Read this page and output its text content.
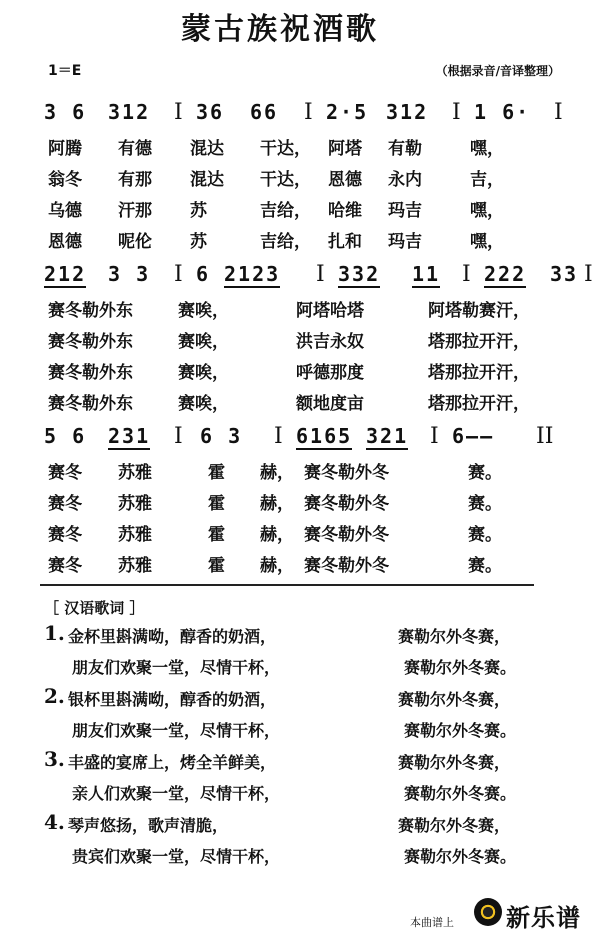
蒙古族祝酒歌
1＝E	（根据录音/音译整理）
3 6 312 I 36 66 I 2·5 312 I 1 6· I
阿腾 有德 混达 干达， 阿塔 有勒	嘿，
翁冬 有那 混达 干达， 恩德 永内	吉，
乌德 汗那 苏	吉给， 哈维 玛吉	嘿，
恩德 呢伦 苏	吉给， 扎和 玛吉	嘿，
212 3 3 I 6 2123 I 332 11 I 222 33 I
赛冬勒外东	赛唉，	阿塔哈塔	阿塔勒赛汗，
赛冬勒外东	赛唉，	洪吉永奴	塔那拉开汗，
赛冬勒外东	赛唉，	呼德那度	塔那拉开汗，
赛冬勒外东	赛唉，	额地度亩	塔那拉开汗，
5 6 231 I 6 3 I 6165 321 I 6—— II
赛冬 苏雅	霍 赫， 赛冬勒外冬	赛。
赛冬 苏雅	霍 赫， 赛冬勒外冬	赛。
赛冬 苏雅	霍 赫， 赛冬勒外冬	赛。
赛冬 苏雅	霍 赫， 赛冬勒外冬	赛。
［ 汉语歌词 ］
1. 金杯里斟满呦，醇香的奶酒，	赛勒尔外冬赛，
朋友们欢聚一堂，尽情干杯，	赛勒尔外冬赛。
2. 银杯里斟满呦，醇香的奶酒，	赛勒尔外冬赛，
朋友们欢聚一堂，尽情干杯，	赛勒尔外冬赛。
3. 丰盛的宴席上，烤全羊鲜美，	赛勒尔外冬赛，
亲人们欢聚一堂，尽情干杯，	赛勒尔外冬赛。
4. 琴声悠扬，歌声清脆，	赛勒尔外冬赛，
贵宾们欢聚一堂，尽情干杯，	赛勒尔外冬赛。
本曲谱上 新乐谱
